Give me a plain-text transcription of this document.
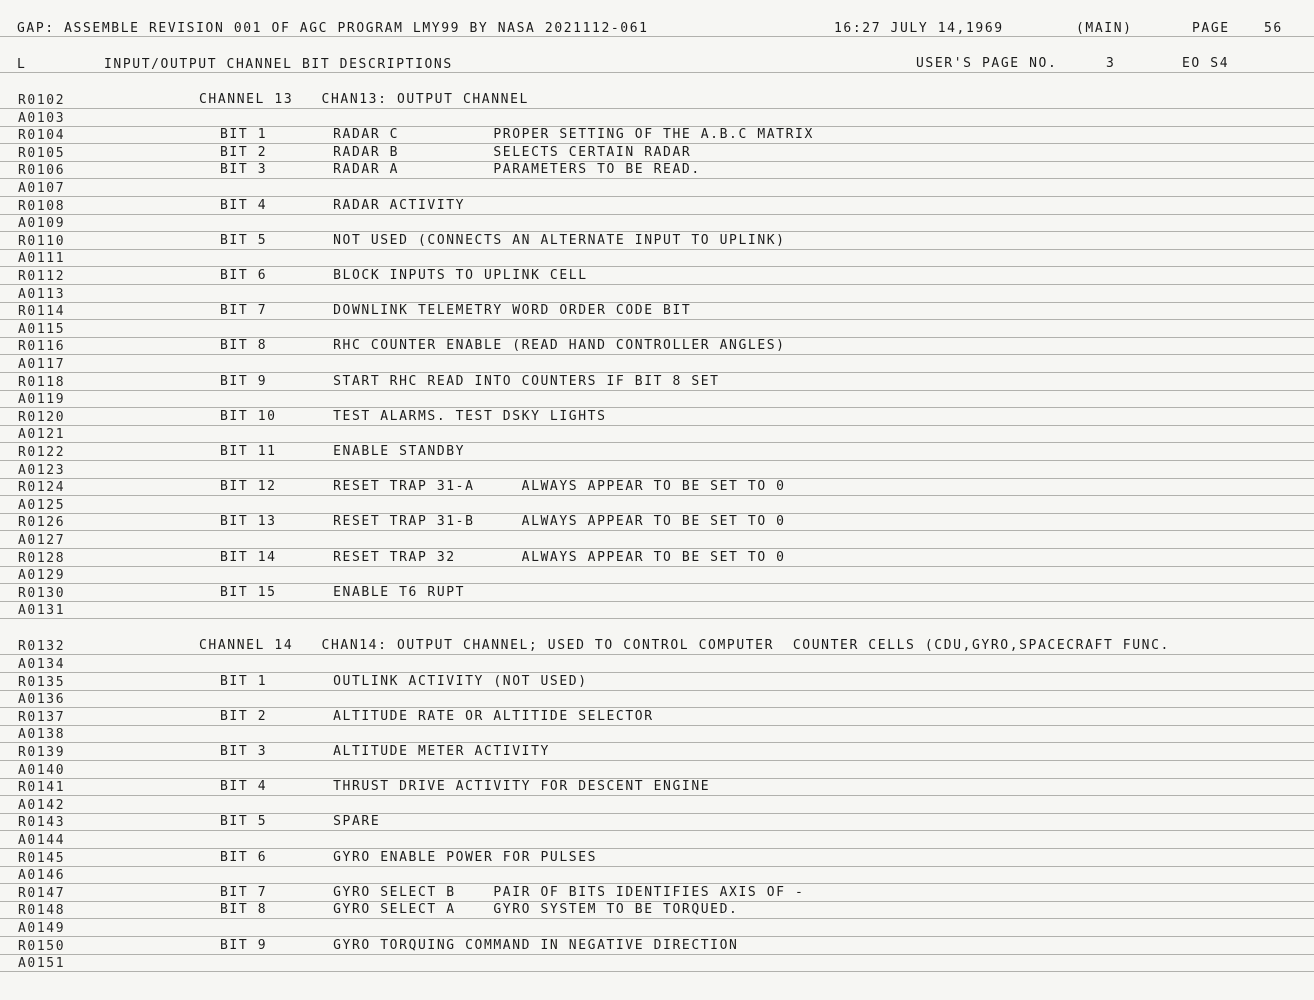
GAP: ASSEMBLE REVISION 001 OF AGC PROGRAM LMY99 BY NASA 2021112-061	16:27 JULY 14,1969	(MAIN)	PAGE	56
L	INPUT/OUTPUT CHANNEL BIT DESCRIPTIONS	USER'S PAGE NO.	3	EO S4
R0102	CHANNEL 13   CHAN13: OUTPUT CHANNEL
A0103
R0104	BIT 1       RADAR C          PROPER SETTING OF THE A.B.C MATRIX
R0105	BIT 2       RADAR B          SELECTS CERTAIN RADAR
R0106	BIT 3       RADAR A          PARAMETERS TO BE READ.
A0107
R0108	BIT 4       RADAR ACTIVITY
A0109
R0110	BIT 5       NOT USED (CONNECTS AN ALTERNATE INPUT TO UPLINK)
A0111
R0112	BIT 6       BLOCK INPUTS TO UPLINK CELL
A0113
R0114	BIT 7       DOWNLINK TELEMETRY WORD ORDER CODE BIT
A0115
R0116	BIT 8       RHC COUNTER ENABLE (READ HAND CONTROLLER ANGLES)
A0117
R0118	BIT 9       START RHC READ INTO COUNTERS IF BIT 8 SET
A0119
R0120	BIT 10      TEST ALARMS. TEST DSKY LIGHTS
A0121
R0122	BIT 11      ENABLE STANDBY
A0123
R0124	BIT 12      RESET TRAP 31-A     ALWAYS APPEAR TO BE SET TO 0
A0125
R0126	BIT 13      RESET TRAP 31-B     ALWAYS APPEAR TO BE SET TO 0
A0127
R0128	BIT 14      RESET TRAP 32       ALWAYS APPEAR TO BE SET TO 0
A0129
R0130	BIT 15      ENABLE T6 RUPT
A0131
R0132	CHANNEL 14   CHAN14: OUTPUT CHANNEL; USED TO CONTROL COMPUTER  COUNTER CELLS (CDU,GYRO,SPACECRAFT FUNC.
A0134
R0135	BIT 1       OUTLINK ACTIVITY (NOT USED)
A0136
R0137	BIT 2       ALTITUDE RATE OR ALTITIDE SELECTOR
A0138
R0139	BIT 3       ALTITUDE METER ACTIVITY
A0140
R0141	BIT 4       THRUST DRIVE ACTIVITY FOR DESCENT ENGINE
A0142
R0143	BIT 5       SPARE
A0144
R0145	BIT 6       GYRO ENABLE POWER FOR PULSES
A0146
R0147	BIT 7       GYRO SELECT B    PAIR OF BITS IDENTIFIES AXIS OF -
R0148	BIT 8       GYRO SELECT A    GYRO SYSTEM TO BE TORQUED.
A0149
R0150	BIT 9       GYRO TORQUING COMMAND IN NEGATIVE DIRECTION
A0151
